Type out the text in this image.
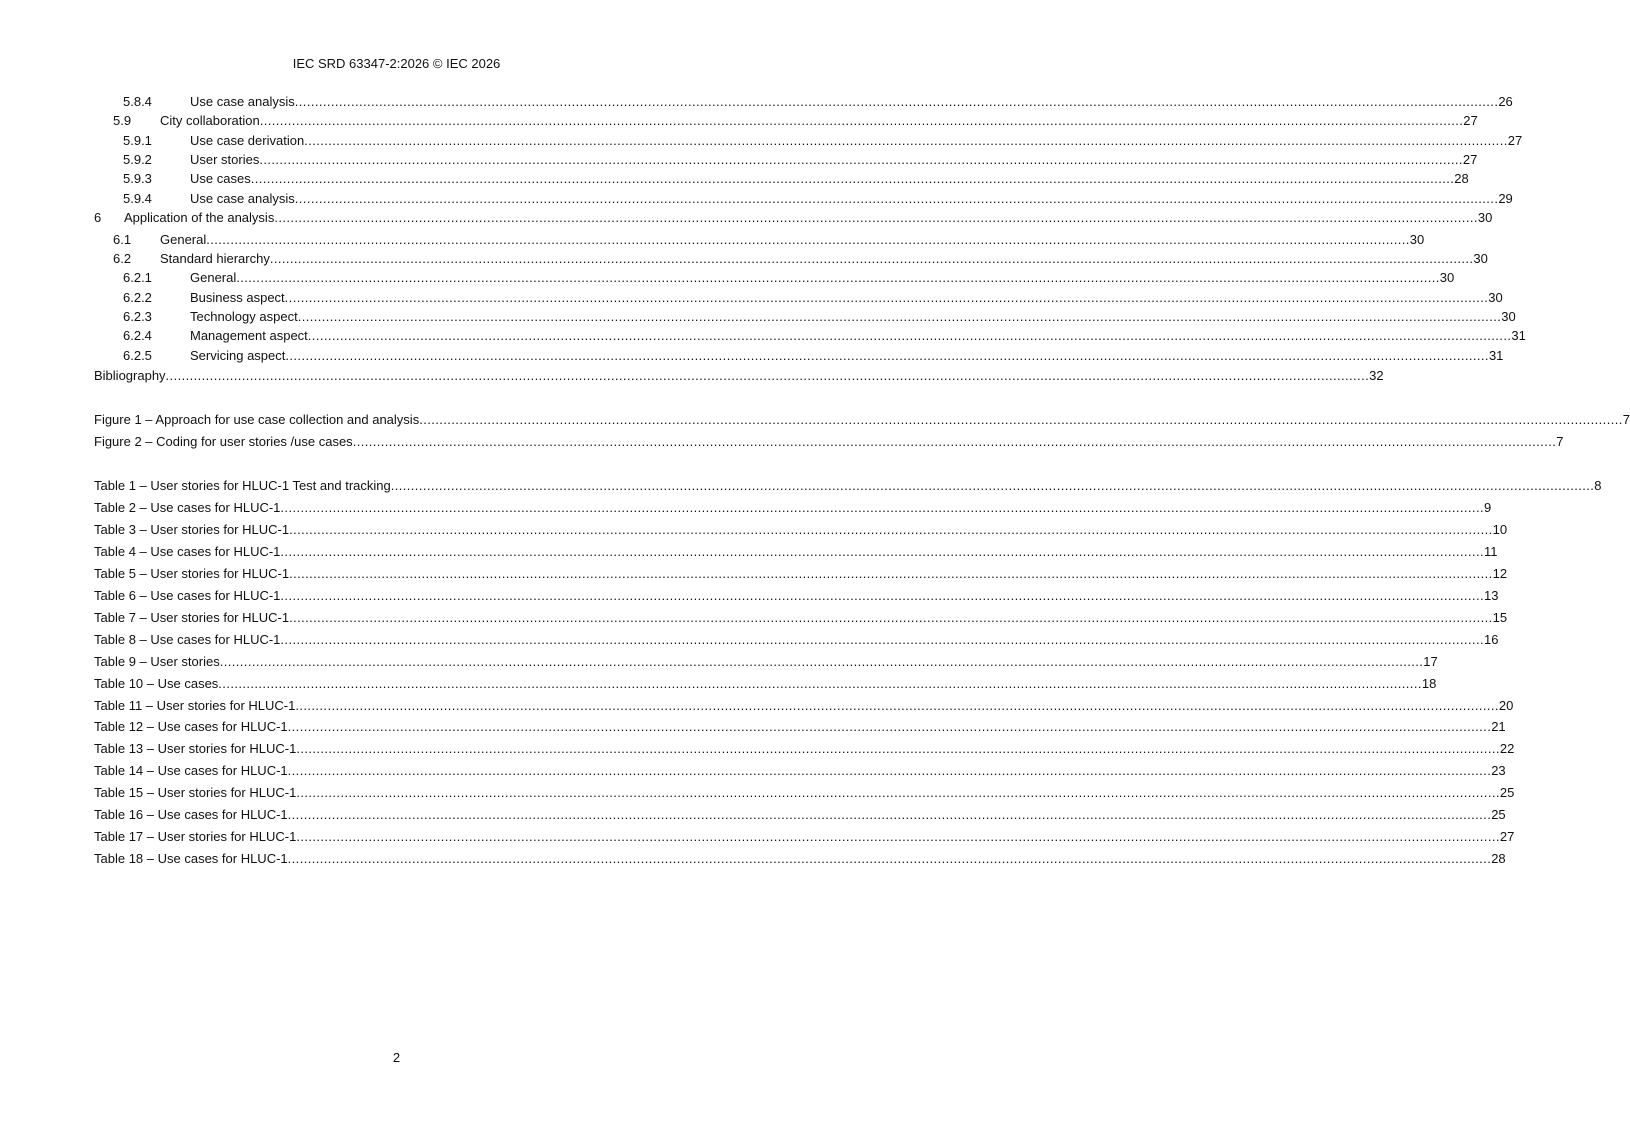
IEC SRD 63347-2:2026 © IEC 2026
5.8.4	Use case analysis ............................................................................................................................................................................................................................................................................................................ 26
5.9	City collaboration ............................................................................................................................................................................................................................................................................................................ 27
5.9.1	Use case derivation ............................................................................................................................................................................................................................................................................................................ 27
5.9.2	User stories ............................................................................................................................................................................................................................................................................................................ 27
5.9.3	Use cases ............................................................................................................................................................................................................................................................................................................ 28
5.9.4	Use case analysis ............................................................................................................................................................................................................................................................................................................ 29
6	Application of the analysis ............................................................................................................................................................................................................................................................................................................ 30
6.1	General ............................................................................................................................................................................................................................................................................................................ 30
6.2	Standard hierarchy ............................................................................................................................................................................................................................................................................................................ 30
6.2.1	General ............................................................................................................................................................................................................................................................................................................ 30
6.2.2	Business aspect ............................................................................................................................................................................................................................................................................................................ 30
6.2.3	Technology aspect ............................................................................................................................................................................................................................................................................................................ 30
6.2.4	Management aspect ............................................................................................................................................................................................................................................................................................................ 31
6.2.5	Servicing aspect ............................................................................................................................................................................................................................................................................................................ 31
Bibliography ............................................................................................................................................................................................................................................................................................................ 32
Figure 1 – Approach for use case collection and analysis ............................................................................................................................................................................................................................................................................................................ 7
Figure 2 – Coding for user stories /use cases ............................................................................................................................................................................................................................................................................................................ 7
Table 1 – User stories for HLUC-1 Test and tracking ............................................................................................................................................................................................................................................................................................................ 8
Table 2 – Use cases for HLUC-1 ............................................................................................................................................................................................................................................................................................................ 9
Table 3 – User stories for HLUC-1 ............................................................................................................................................................................................................................................................................................................ 10
Table 4 – Use cases for HLUC-1 ............................................................................................................................................................................................................................................................................................................ 11
Table 5 – User stories for HLUC-1 ............................................................................................................................................................................................................................................................................................................ 12
Table 6 – Use cases for HLUC-1 ............................................................................................................................................................................................................................................................................................................ 13
Table 7 – User stories for HLUC-1 ............................................................................................................................................................................................................................................................................................................ 15
Table 8 – Use cases for HLUC-1 ............................................................................................................................................................................................................................................................................................................ 16
Table 9 – User stories ............................................................................................................................................................................................................................................................................................................ 17
Table 10 – Use cases ............................................................................................................................................................................................................................................................................................................ 18
Table 11 – User stories for HLUC-1 ............................................................................................................................................................................................................................................................................................................ 20
Table 12 – Use cases for HLUC-1 ............................................................................................................................................................................................................................................................................................................ 21
Table 13 – User stories for HLUC-1 ............................................................................................................................................................................................................................................................................................................ 22
Table 14 – Use cases for HLUC-1 ............................................................................................................................................................................................................................................................................................................ 23
Table 15 – User stories for HLUC-1 ............................................................................................................................................................................................................................................................................................................ 25
Table 16 – Use cases for HLUC-1 ............................................................................................................................................................................................................................................................................................................ 25
Table 17 – User stories for HLUC-1 ............................................................................................................................................................................................................................................................................................................ 27
Table 18 – Use cases for HLUC-1 ............................................................................................................................................................................................................................................................................................................ 28
2
